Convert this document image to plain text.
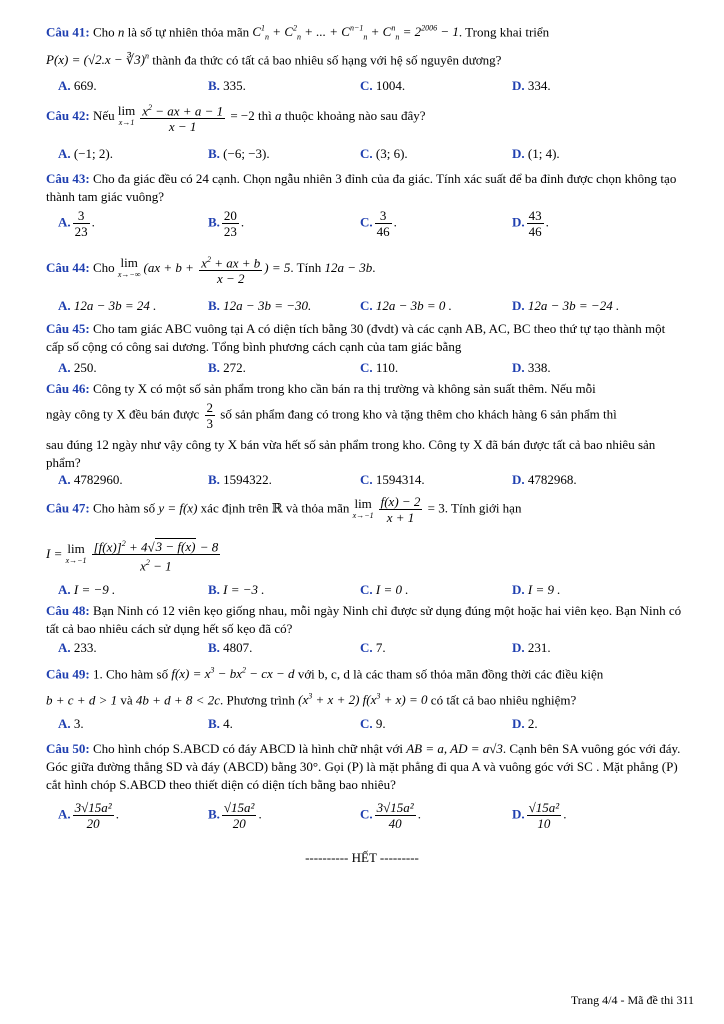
Câu 41: Cho n là số tự nhiên thỏa mãn $C^1_n + C^2_n$ + ... + $C^{n-1}_n + C^n_n = 2^{2006} - 1$. Trong khai triển
P(x) = (√2.x − ∛3)$^n$ thành đa thức có tất cả bao nhiêu số hạng với hệ số nguyên dương?
A. 669.	B. 335.	C. 1004.	D. 334.
Câu 42: Nếu lim
$x\to 1 \frac{x^2 - ax + a - 1}{x - 1} = -2$ thì a thuộc khoảng nào sau đây?
A. (−1; 2).	B. (−6; −3).	C. (3; 6).	D. (1; 4).
Câu 43: Cho đa giác đều có 24 cạnh. Chọn ngẫu nhiên 3 đỉnh của đa giác. Tính xác suất để ba đỉnh được chọn không tạo thành tam giác vuông?
A. $\frac{3}{23}$ .	B. $\frac{20}{23}$ .	C. $\frac{3}{46}$ .	D. $\frac{43}{46}$ .
Câu 44: Cho lim
x→−∞ ($ax + b + \frac{x^2 + ax + b}{x - 2}$ ) = 5. Tính 12a − 3b.
A. 12a − 3b = 24 .	B. 12a − 3b = −30.	C. 12a − 3b = 0 .	D. 12a − 3b = −24 .
Câu 45: Cho tam giác ABC vuông tại A có diện tích bằng 30 (đvdt) và các cạnh AB, AC, BC theo thứ tự tạo thành một cấp số cộng có công sai dương. Tổng bình phương cách cạnh của tam giác bằng
A. 250.	B. 272.	C. 110.	D. 338.
Câu 46: Công ty X có một số sản phẩm trong kho cần bán ra thị trường và không sản suất thêm. Nếu mỗi
ngày công ty X đều bán được $\frac{2}{3}$ số sản phẩm đang có trong kho và tặng thêm cho khách hàng 6 sản phẩm thì
sau đúng 12 ngày như vậy công ty X bán vừa hết số sản phẩm trong kho. Công ty X đã bán được tất cả bao nhiêu sản phẩm?
A. 4782960.	B. 1594322.	C. 1594314.	D. 4782968.
Câu 47: Cho hàm số y = f(x) xác định trên ℝ và thỏa mãn lim
$x\to-1 \frac{f(x) - 2}{x + 1} = 3$. Tính giới hạn
I = lim
$x\to-1 \frac{[f(x)]^2 + 4√3 - f(x) - 8}{x^2 - 1}$
A. I = −9 .	B. I = −3 .	C. I = 0 .	D. I = 9 .
Câu 48: Bạn Ninh có 12 viên kẹo giống nhau, mỗi ngày Ninh chỉ được sử dụng đúng một hoặc hai viên kẹo. Bạn Ninh có tất cả bao nhiêu cách sử dụng hết số kẹo đã có?
A. 233.	B. 4807.	C. 7.	D. 231.
Câu 49: 1. Cho hàm số $f(x) = x^3 - bx^2$ − cx − d với b, c, d là các tham số thỏa mãn đồng thời các điều kiện
b + c + d > 1 và 4b + d + 8 < 2c. Phương trình $(x^3 + x + 2) f(x^3 + x) = 0$ có tất cả bao nhiêu nghiệm?
A. 3.	B. 4.	C. 9.	D. 2.
Câu 50: Cho hình chóp S.ABCD có đáy ABCD là hình chữ nhật với AB = a, AD = a√3. Cạnh bên SA vuông góc với đáy. Góc giữa đường thẳng SD và đáy (ABCD) bằng 30°. Gọi (P) là mặt phẳng đi qua A và vuông góc với SC . Mặt phẳng (P) cắt hình chóp S.ABCD theo thiết diện có diện tích bằng bao nhiêu?
A. $\frac{\text{3√15a²}}{20}$ .	B. $\frac{\text{√15a²}}{20}$ .	C. $\frac{\text{3√15a²}}{40}$ .	D. $\frac{\text{√15a²}}{10}$ .
---------- HẾT ---------
Trang 4/4 - Mã đề thi 311
